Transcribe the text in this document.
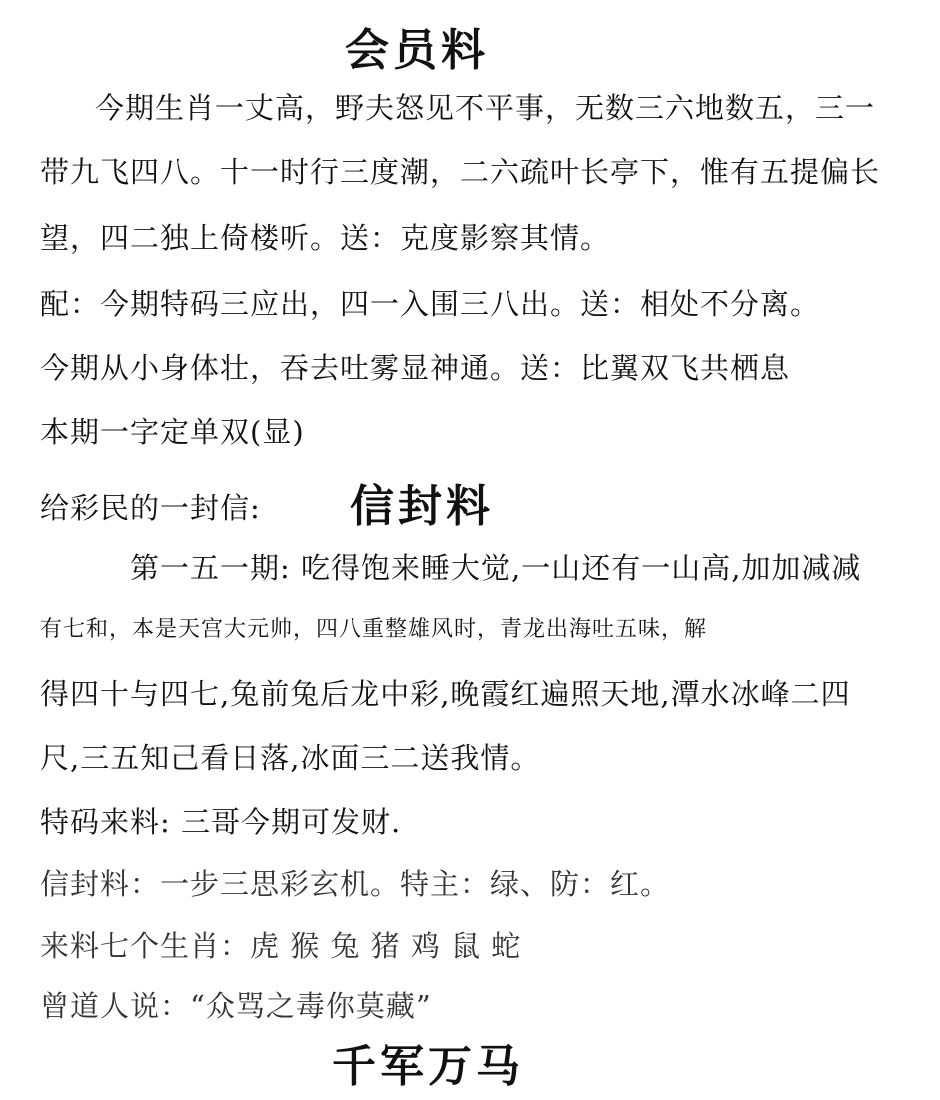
会员料
今期生肖一丈高，野夫怒见不平事，无数三六地数五，三一
带九飞四八。十一时行三度潮，二六疏叶长亭下，惟有五提偏长
望，四二独上倚楼听。送：克度影察其情。
配：今期特码三应出，四一入围三八出。送：相处不分离。
今期从小身体壮，吞去吐雾显神通。送：比翼双飞共栖息
本期一字定单双(显)
给彩民的一封信: 信封料
第一五一期: 吃得饱来睡大觉,一山还有一山高,加加减减
有七和，本是天宫大元帅，四八重整雄风时，青龙出海吐五味，解
得四十与四七,兔前兔后龙中彩,晚霞红遍照天地,潭水冰峰二四
尺,三五知己看日落,冰面三二送我情。
特码来料: 三哥今期可发财.
信封料：一步三思彩玄机。特主：绿、防：红。
来料七个生肖：虎 猴 兔 猪 鸡 鼠 蛇
曾道人说：“众骂之毒你莫藏”
千军万马
